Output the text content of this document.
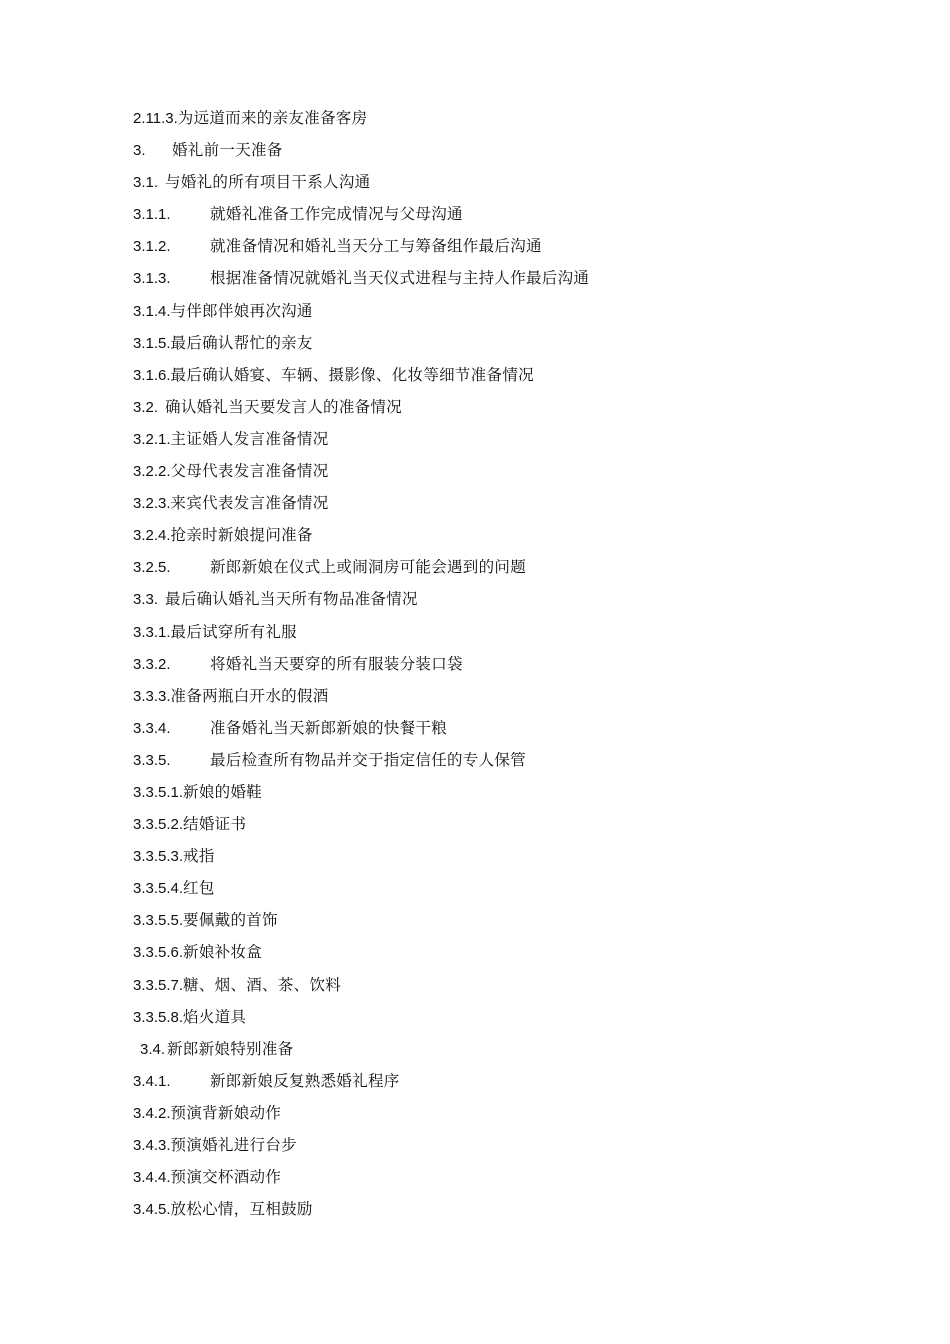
2.11.3. 为远道而来的亲友准备客房
3.	婚礼前一天准备
3.1. 与婚礼的所有项目干系人沟通
3.1.1.	就婚礼准备工作完成情况与父母沟通
3.1.2.	就准备情况和婚礼当天分工与筹备组作最后沟通
3.1.3.	根据准备情况就婚礼当天仪式进程与主持人作最后沟通
3.1.4. 与伴郎伴娘再次沟通
3.1.5. 最后确认帮忙的亲友
3.1.6. 最后确认婚宴、车辆、摄影像、化妆等细节准备情况
3.2. 确认婚礼当天要发言人的准备情况
3.2.1. 主证婚人发言准备情况
3.2.2. 父母代表发言准备情况
3.2.3. 来宾代表发言准备情况
3.2.4. 抢亲时新娘提问准备
3.2.5.	新郎新娘在仪式上或闹洞房可能会遇到的问题
3.3. 最后确认婚礼当天所有物品准备情况
3.3.1. 最后试穿所有礼服
3.3.2.	将婚礼当天要穿的所有服装分装口袋
3.3.3. 准备两瓶白开水的假酒
3.3.4.	准备婚礼当天新郎新娘的快餐干粮
3.3.5.	最后检查所有物品并交于指定信任的专人保管
3.3.5.1. 新娘的婚鞋
3.3.5.2. 结婚证书
3.3.5.3. 戒指
3.3.5.4. 红包
3.3.5.5. 要佩戴的首饰
3.3.5.6. 新娘补妆盒
3.3.5.7. 糖、烟、酒、茶、饮料
3.3.5.8. 焰火道具
3.4. 新郎新娘特别准备
3.4.1.	新郎新娘反复熟悉婚礼程序
3.4.2. 预演背新娘动作
3.4.3. 预演婚礼进行台步
3.4.4. 预演交杯酒动作
3.4.5. 放松心情，互相鼓励
